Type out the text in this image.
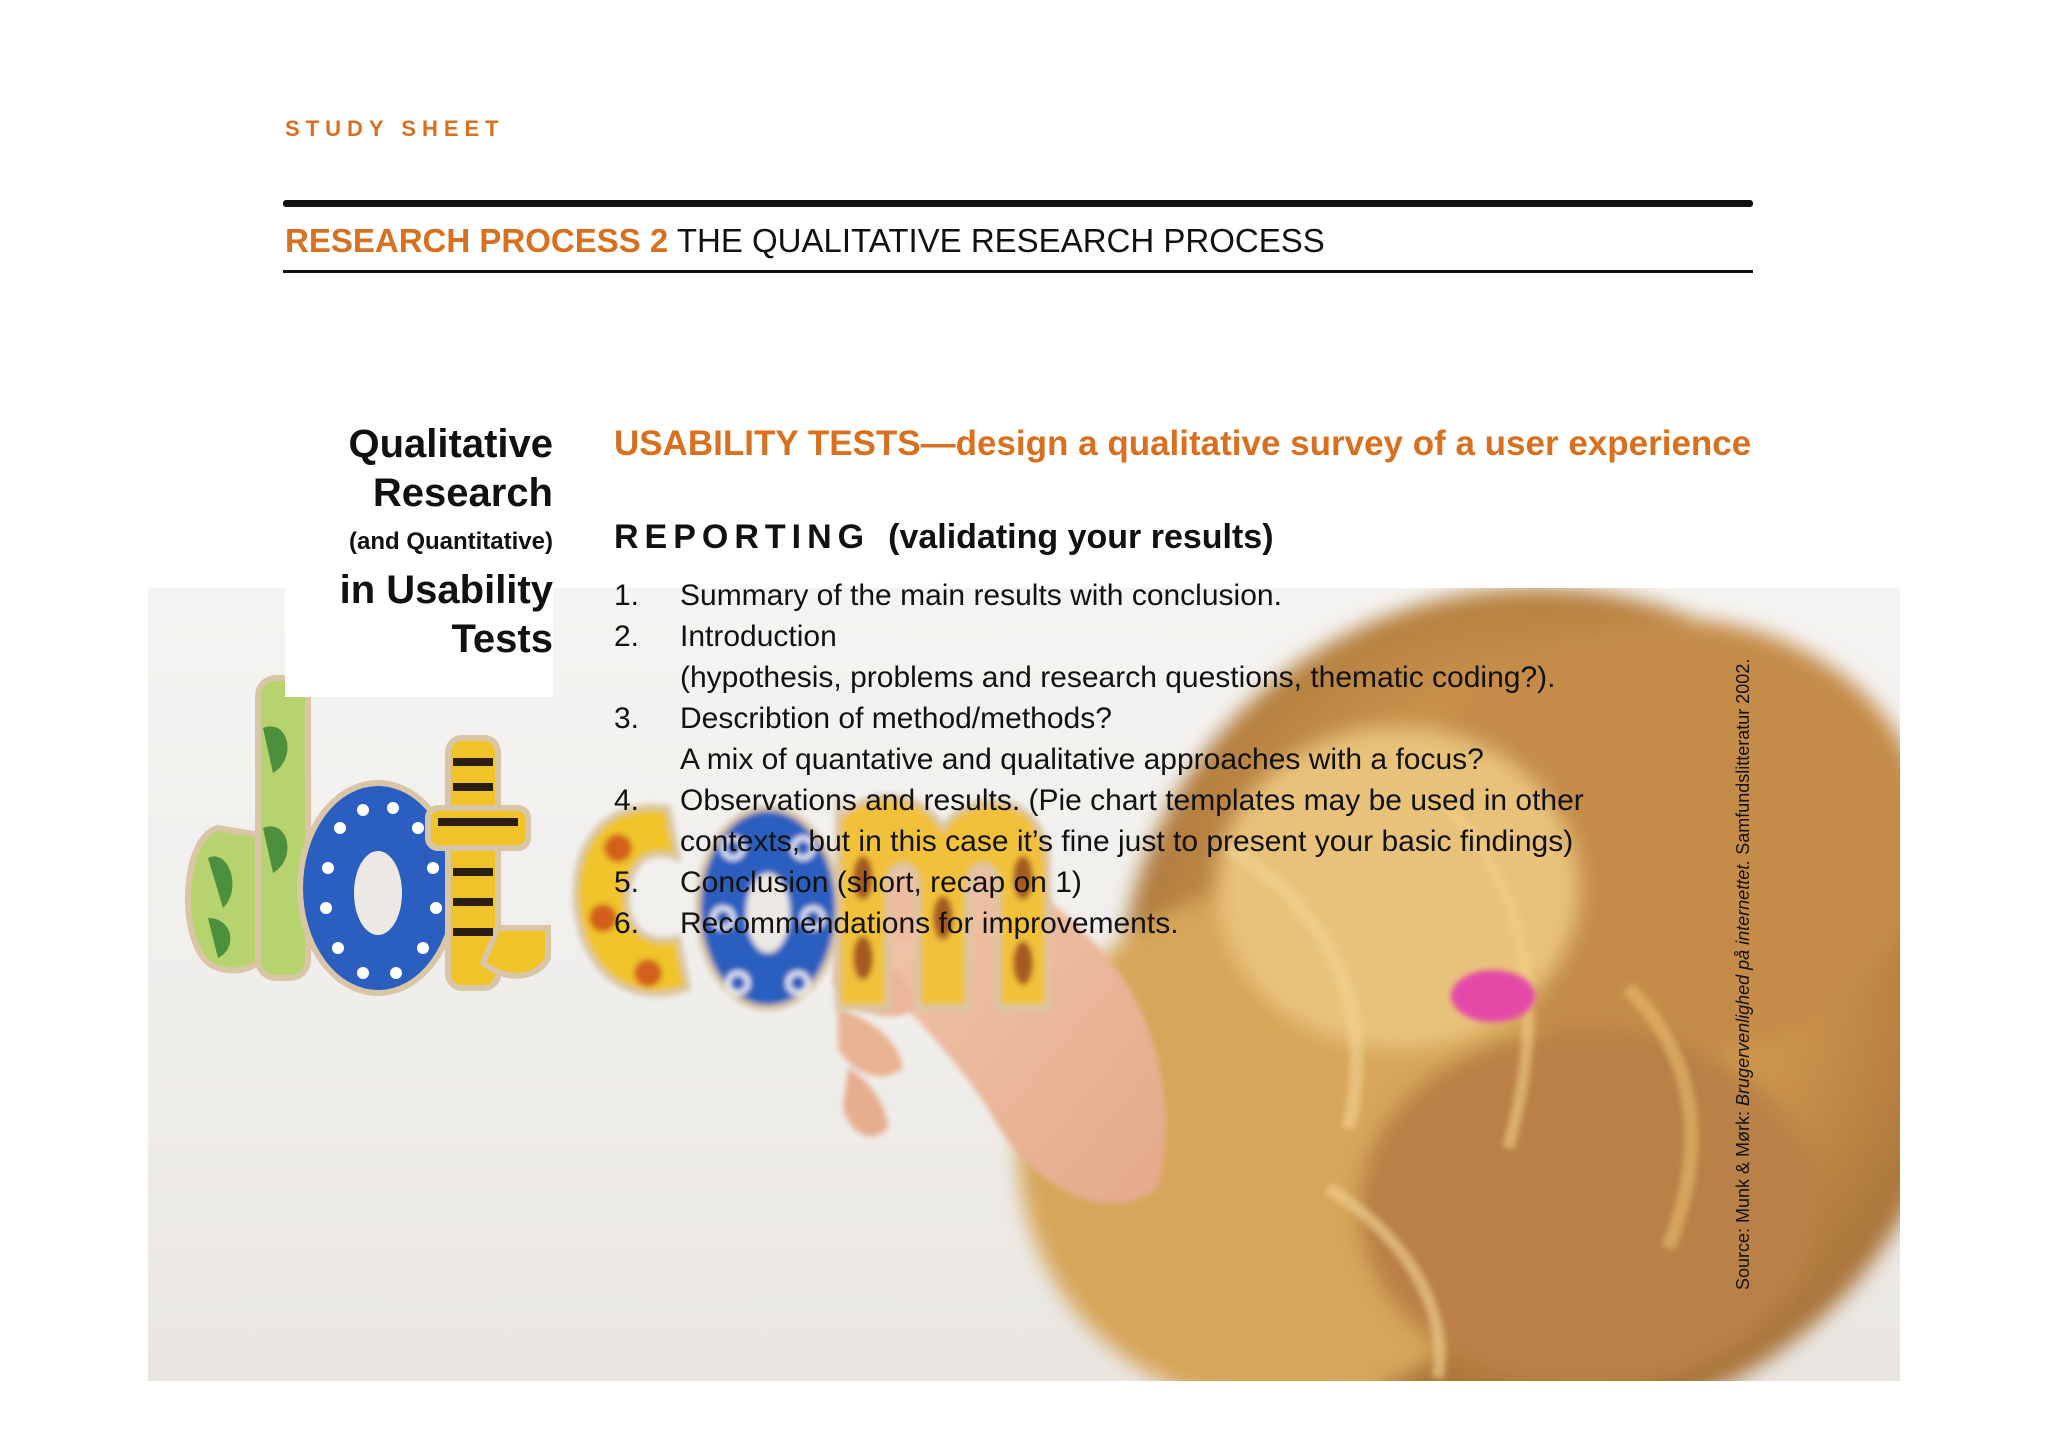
STUDY SHEET
RESEARCH PROCESS 2 THE QUALITATIVE RESEARCH PROCESS
Qualitative
Research
(and Quantitative)
in Usability
Tests
USABILITY TESTS—design a qualitative survey of a user experience
REPORTING (validating your results)
1. Summary of the main results with conclusion.
2. Introduction
(hypothesis, problems and research questions, thematic coding?).
3. Describtion of method/methods?
A mix of quantative and qualitative approaches with a focus?
4. Observations and results. (Pie chart templates may be used in other
contexts, but in this case it’s fine just to present your basic findings)
5. Conclusion (short, recap on 1)
6. Recommendations for improvements.
Source: Munk & Mørk: Brugervenlighed på internettet. Samfundslitteratur 2002.
